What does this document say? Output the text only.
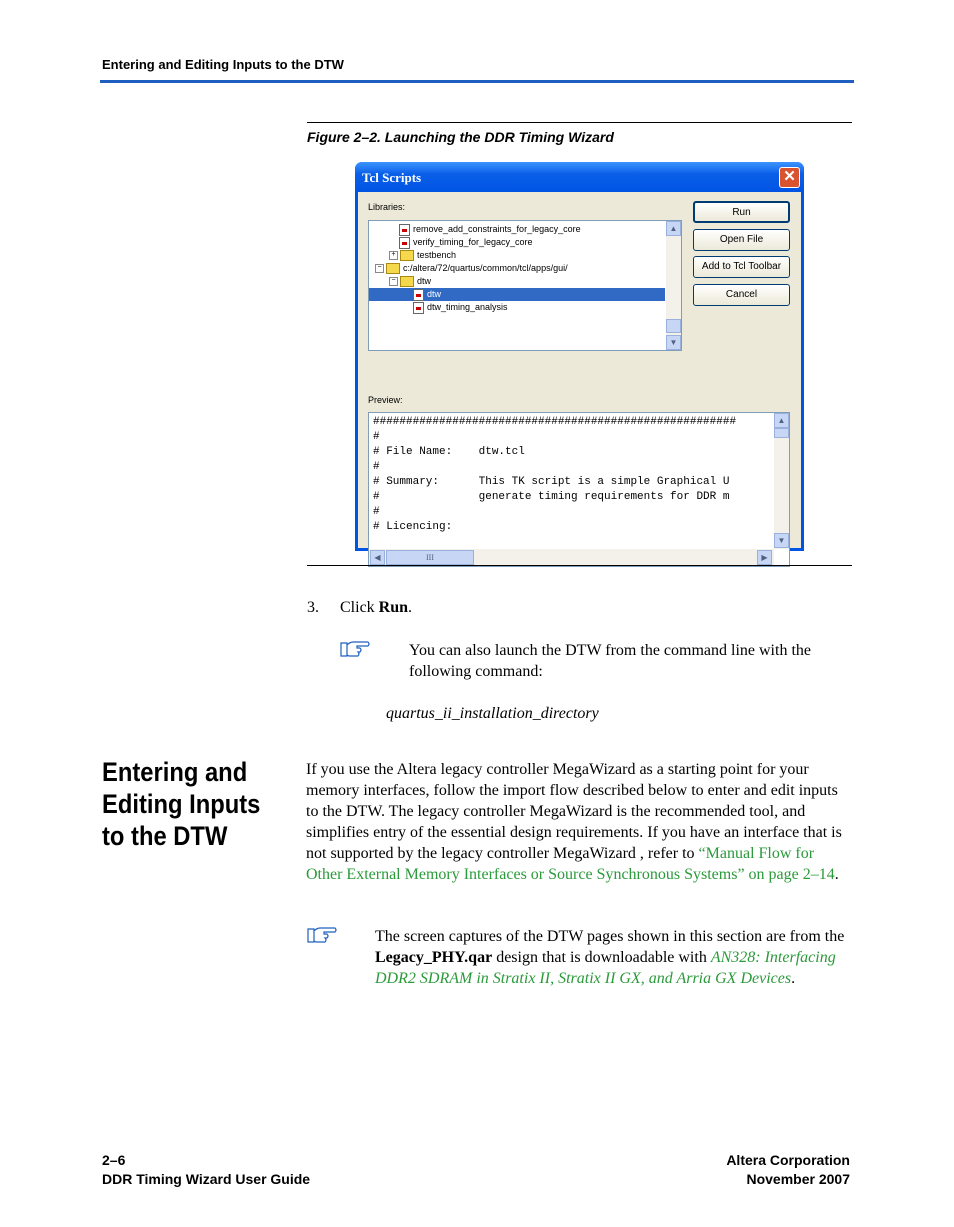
Entering and Editing Inputs to the DTW
Figure 2–2. Launching the DDR Timing Wizard
Tcl Scripts	✕
Libraries:
remove_add_constraints_for_legacy_core
verify_timing_for_legacy_core
+ testbench
− c:/altera/72/quartus/common/tcl/apps/gui/
− dtw
dtw
dtw_timing_analysis
▲
▼
Run
Open File
Add to Tcl Toolbar
Cancel
Preview:
#######################################################
#
# File Name:    dtw.tcl
#
# Summary:      This TK script is a simple Graphical U
#               generate timing requirements for DDR m
#
# Licencing:
▲
▼
◀	III	▶
3. Click Run.
You can also launch the DTW from the command line with the following command:
quartus_ii_installation_directory
Entering and Editing Inputs to the DTW
If you use the Altera legacy controller MegaWizard as a starting point for your memory interfaces, follow the import flow described below to enter and edit inputs to the DTW. The legacy controller MegaWizard is the recommended tool, and simplifies entry of the essential design requirements. If you have an interface that is not supported by the legacy controller MegaWizard , refer to “Manual Flow for Other External Memory Interfaces or Source Synchronous Systems” on page 2–14.
The screen captures of the DTW pages shown in this section are from the Legacy_PHY.qar design that is downloadable with AN328: Interfacing DDR2 SDRAM in Stratix II, Stratix II GX, and Arria GX Devices.
2–6
DDR Timing Wizard User Guide
Altera Corporation
November 2007
